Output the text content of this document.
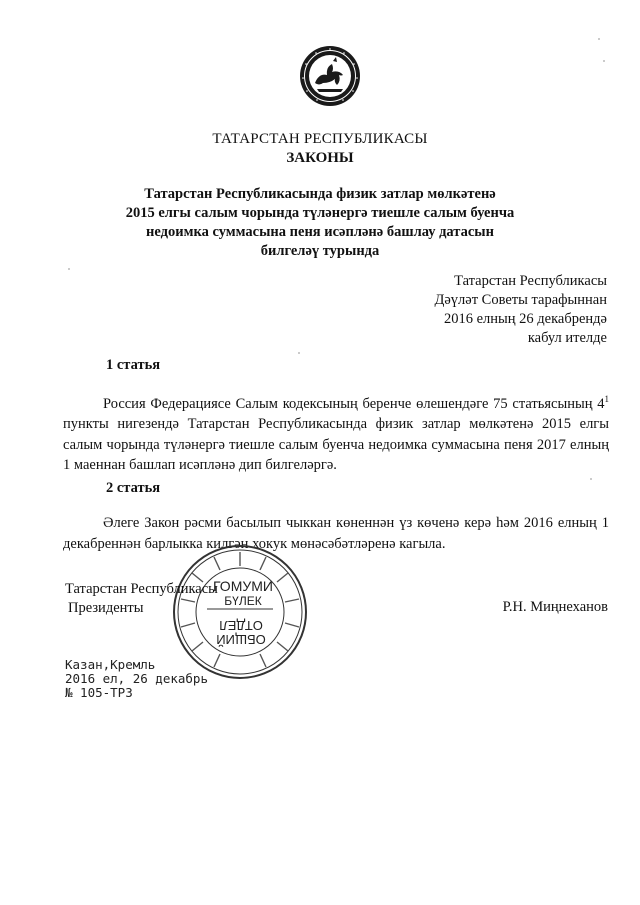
ТАТАРСТАН РЕСПУБЛИКАСЫ
ЗАКОНЫ
Татарстан Республикасында физик затлар мөлкәтенә
2015 елгы салым чорында түләнергә тиешле салым буенча
недоимка суммасына пеня исәпләнә башлау датасын
билгеләү турында
Татарстан Республикасы
Дәүләт Советы тарафыннан
2016 елның 26 декабрендә
кабул ителде
1 статья
Россия Федерациясе Салым кодексының беренче өлешендәге 75 статьясының $4^1$ пункты нигезендә Татарстан Республикасында физик затлар мөлкәтенә 2015 елгы салым чорында түләнергә тиешле салым буенча недоимка суммасына пеня 2017 елның 1 маеннан башлап исәпләнә дип билгеләргә.
2 статья
Әлеге Закон рәсми басылып чыккан көненнән үз көченә керә һәм 2016 елның 1 декабреннән барлыкка килгән хокук мөнәсәбәтләренә кагыла.
ГОМУМИ
БҮЛЕК
ОТДЕЛ
ОБЩИЙ
Татарстан Республикасы
Президенты	Р.Н. Миңнеханов
Казан,Кремль
2016 ел, 26 декабрь
№ 105-ТРЗ
